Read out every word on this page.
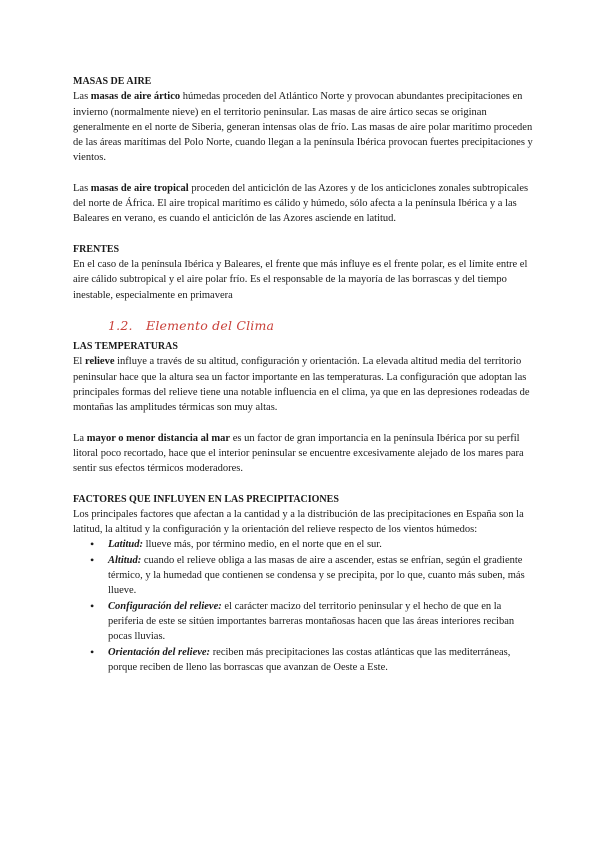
MASAS DE AIRE

Las masas de aire ártico húmedas proceden del Atlántico Norte y provocan abundantes precipitaciones en invierno (normalmente nieve) en el territorio peninsular. Las masas de aire ártico secas se originan generalmente en el norte de Siberia, generan intensas olas de frío. Las masas de aire polar marítimo proceden de las áreas marítimas del Polo Norte, cuando llegan a la península Ibérica provocan fuertes precipitaciones y vientos.

Las masas de aire tropical proceden del anticiclón de las Azores y de los anticiclones zonales subtropicales del norte de África. El aire tropical marítimo es cálido y húmedo, sólo afecta a la península Ibérica y a las Baleares en verano, es cuando el anticiclón de las Azores asciende en latitud.

FRENTES

En el caso de la península Ibérica y Baleares, el frente que más influye es el frente polar, es el límite entre el aire cálido subtropical y el aire polar frío. Es el responsable de la mayoría de las borrascas y del tiempo inestable, especialmente en primavera

1.2. Elemento del Clima

LAS TEMPERATURAS

El relieve influye a través de su altitud, configuración y orientación. La elevada altitud media del territorio peninsular hace que la altura sea un factor importante en las temperaturas. La configuración que adoptan las principales formas del relieve tiene una notable influencia en el clima, ya que en las depresiones rodeadas de montañas las amplitudes térmicas son muy altas.

La mayor o menor distancia al mar es un factor de gran importancia en la península Ibérica por su perfil litoral poco recortado, hace que el interior peninsular se encuentre excesivamente alejado de los mares para sentir sus efectos térmicos moderadores.

FACTORES QUE INFLUYEN EN LAS PRECIPITACIONES

Los principales factores que afectan a la cantidad y a la distribución de las precipitaciones en España son la latitud, la altitud y la configuración y la orientación del relieve respecto de los vientos húmedos:

• Latitud: llueve más, por término medio, en el norte que en el sur.
• Altitud: cuando el relieve obliga a las masas de aire a ascender, estas se enfrían, según el gradiente térmico, y la humedad que contienen se condensa y se precipita, por lo que, cuanto más suben, más llueve.
• Configuración del relieve: el carácter macizo del territorio peninsular y el hecho de que en la periferia de este se sitúen importantes barreras montañosas hacen que las áreas interiores reciban pocas lluvias.
• Orientación del relieve: reciben más precipitaciones las costas atlánticas que las mediterráneas, porque reciben de lleno las borrascas que avanzan de Oeste a Este.
